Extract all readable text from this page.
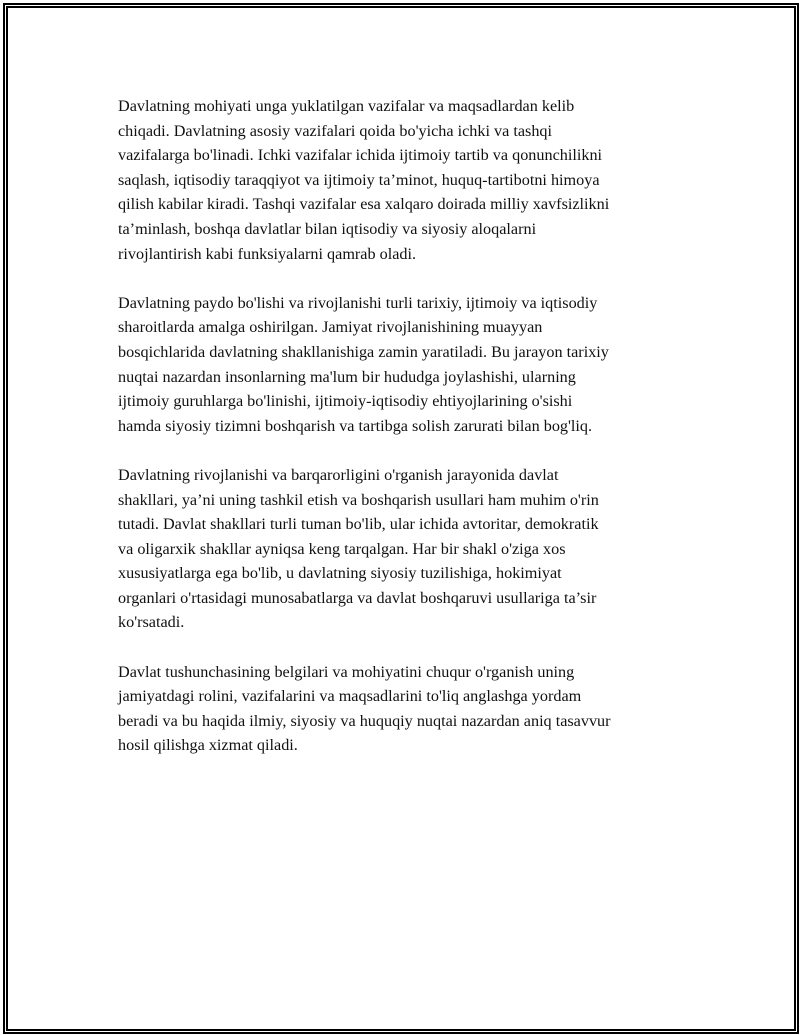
Davlatning mohiyati unga yuklatilgan vazifalar va maqsadlardan kelib
chiqadi. Davlatning asosiy vazifalari qoida bo'yicha ichki va tashqi
vazifalarga bo'linadi. Ichki vazifalar ichida ijtimoiy tartib va qonunchilikni
saqlash, iqtisodiy taraqqiyot va ijtimoiy ta’minot, huquq-tartibotni himoya
qilish kabilar kiradi. Tashqi vazifalar esa xalqaro doirada milliy xavfsizlikni
ta’minlash, boshqa davlatlar bilan iqtisodiy va siyosiy aloqalarni
rivojlantirish kabi funksiyalarni qamrab oladi.

Davlatning paydo bo'lishi va rivojlanishi turli tarixiy, ijtimoiy va iqtisodiy
sharoitlarda amalga oshirilgan. Jamiyat rivojlanishining muayyan
bosqichlarida davlatning shakllanishiga zamin yaratiladi. Bu jarayon tarixiy
nuqtai nazardan insonlarning ma'lum bir hududga joylashishi, ularning
ijtimoiy guruhlarga bo'linishi, ijtimoiy-iqtisodiy ehtiyojlarining o'sishi
hamda siyosiy tizimni boshqarish va tartibga solish zarurati bilan bog'liq.

Davlatning rivojlanishi va barqarorligini o'rganish jarayonida davlat
shakllari, ya’ni uning tashkil etish va boshqarish usullari ham muhim o'rin
tutadi. Davlat shakllari turli tuman bo'lib, ular ichida avtoritar, demokratik
va oligarxik shakllar ayniqsa keng tarqalgan. Har bir shakl o'ziga xos
xususiyatlarga ega bo'lib, u davlatning siyosiy tuzilishiga, hokimiyat
organlari o'rtasidagi munosabatlarga va davlat boshqaruvi usullariga ta’sir
ko'rsatadi.

Davlat tushunchasining belgilari va mohiyatini chuqur o'rganish uning
jamiyatdagi rolini, vazifalarini va maqsadlarini to'liq anglashga yordam
beradi va bu haqida ilmiy, siyosiy va huquqiy nuqtai nazardan aniq tasavvur
hosil qilishga xizmat qiladi.
